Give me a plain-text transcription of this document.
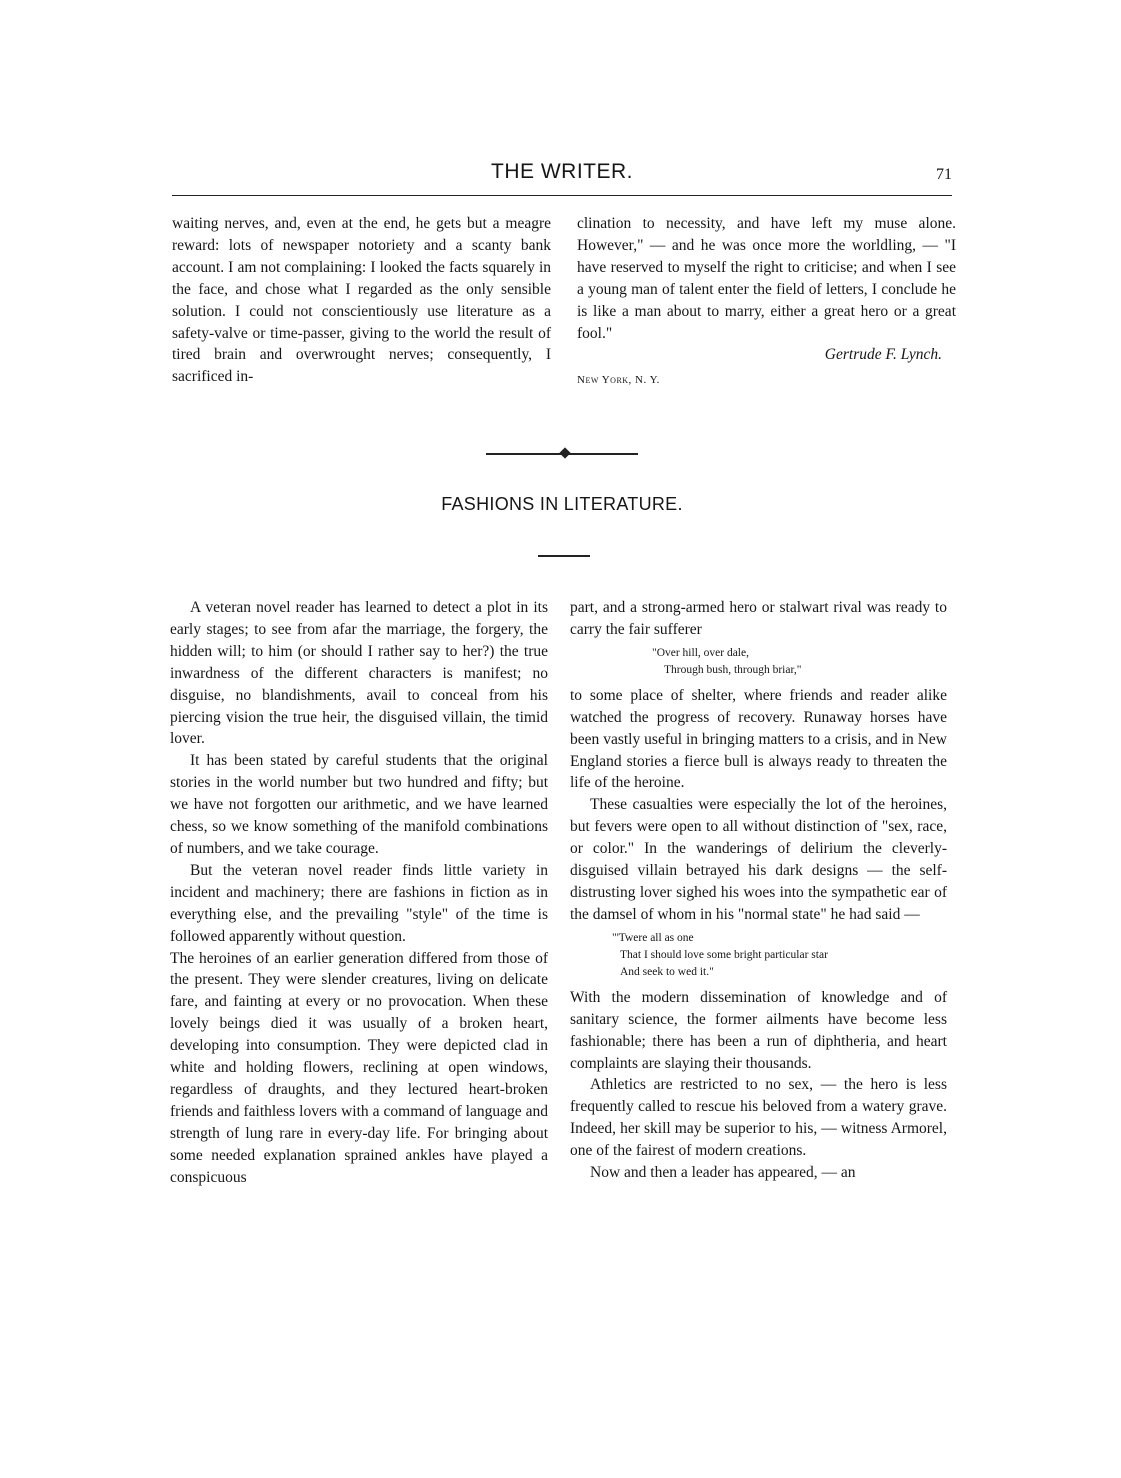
THE WRITER.	71

waiting nerves, and, even at the end, he gets but a meagre reward: lots of newspaper notoriety and a scanty bank account. I am not complaining: I looked the facts squarely in the face, and chose what I regarded as the only sensible solution. I could not conscientiously use literature as a safety-valve or time-passer, giving to the world the result of tired brain and overwrought nerves; consequently, I sacrificed in-

clination to necessity, and have left my muse alone. However," — and he was once more the worldling, — "I have reserved to myself the right to criticise; and when I see a young man of talent enter the field of letters, I conclude he is like a man about to marry, either a great hero or a great fool."

Gertrude F. Lynch.

New York, N. Y.

FASHIONS IN LITERATURE.

A veteran novel reader has learned to detect a plot in its early stages; to see from afar the marriage, the forgery, the hidden will; to him (or should I rather say to her?) the true inwardness of the different characters is manifest; no disguise, no blandishments, avail to conceal from his piercing vision the true heir, the disguised villain, the timid lover.

It has been stated by careful students that the original stories in the world number but two hundred and fifty; but we have not forgotten our arithmetic, and we have learned chess, so we know something of the manifold combinations of numbers, and we take courage.

But the veteran novel reader finds little variety in incident and machinery; there are fashions in fiction as in everything else, and the prevailing "style" of the time is followed apparently without question.

The heroines of an earlier generation differed from those of the present. They were slender creatures, living on delicate fare, and fainting at every or no provocation. When these lovely beings died it was usually of a broken heart, developing into consumption. They were depicted clad in white and holding flowers, reclining at open windows, regardless of draughts, and they lectured heart-broken friends and faithless lovers with a command of language and strength of lung rare in every-day life. For bringing about some needed explanation sprained ankles have played a conspicuous

part, and a strong-armed hero or stalwart rival was ready to carry the fair sufferer

"Over hill, over dale,
Through bush, through briar,"

to some place of shelter, where friends and reader alike watched the progress of recovery. Runaway horses have been vastly useful in bringing matters to a crisis, and in New England stories a fierce bull is always ready to threaten the life of the heroine.

These casualties were especially the lot of the heroines, but fevers were open to all without distinction of "sex, race, or color." In the wanderings of delirium the cleverly-disguised villain betrayed his dark designs — the self-distrusting lover sighed his woes into the sympathetic ear of the damsel of whom in his "normal state" he had said —

"'Twere all as one
That I should love some bright particular star
And seek to wed it."

With the modern dissemination of knowledge and of sanitary science, the former ailments have become less fashionable; there has been a run of diphtheria, and heart complaints are slaying their thousands.

Athletics are restricted to no sex, — the hero is less frequently called to rescue his beloved from a watery grave. Indeed, her skill may be superior to his, — witness Armorel, one of the fairest of modern creations.

Now and then a leader has appeared, — an
